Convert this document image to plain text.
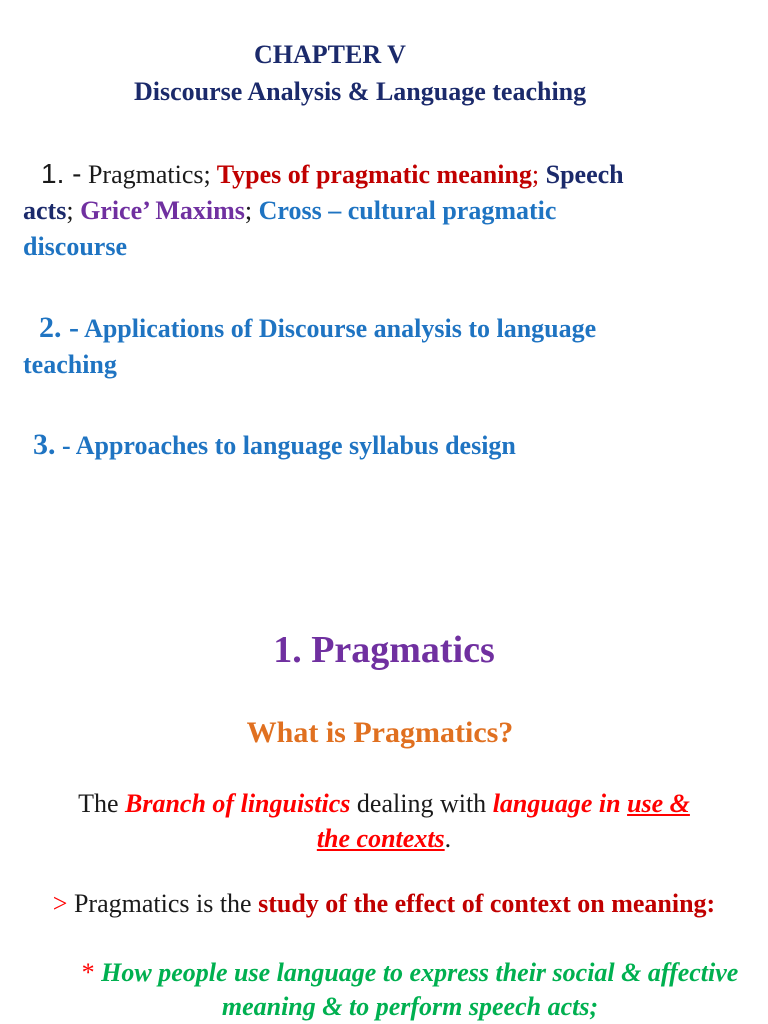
CHAPTER V
Discourse Analysis & Language teaching
1. - Pragmatics; Types of pragmatic meaning; Speech
acts; Grice’ Maxims; Cross – cultural pragmatic
discourse
2. - Applications of Discourse analysis to language
teaching
3. - Approaches to language syllabus design
1. Pragmatics
What is Pragmatics?
The Branch of linguistics dealing with language in use &
the contexts.
> Pragmatics is the study of the effect of context on meaning:
* How people use language to express their social & affective meaning & to perform speech acts;
